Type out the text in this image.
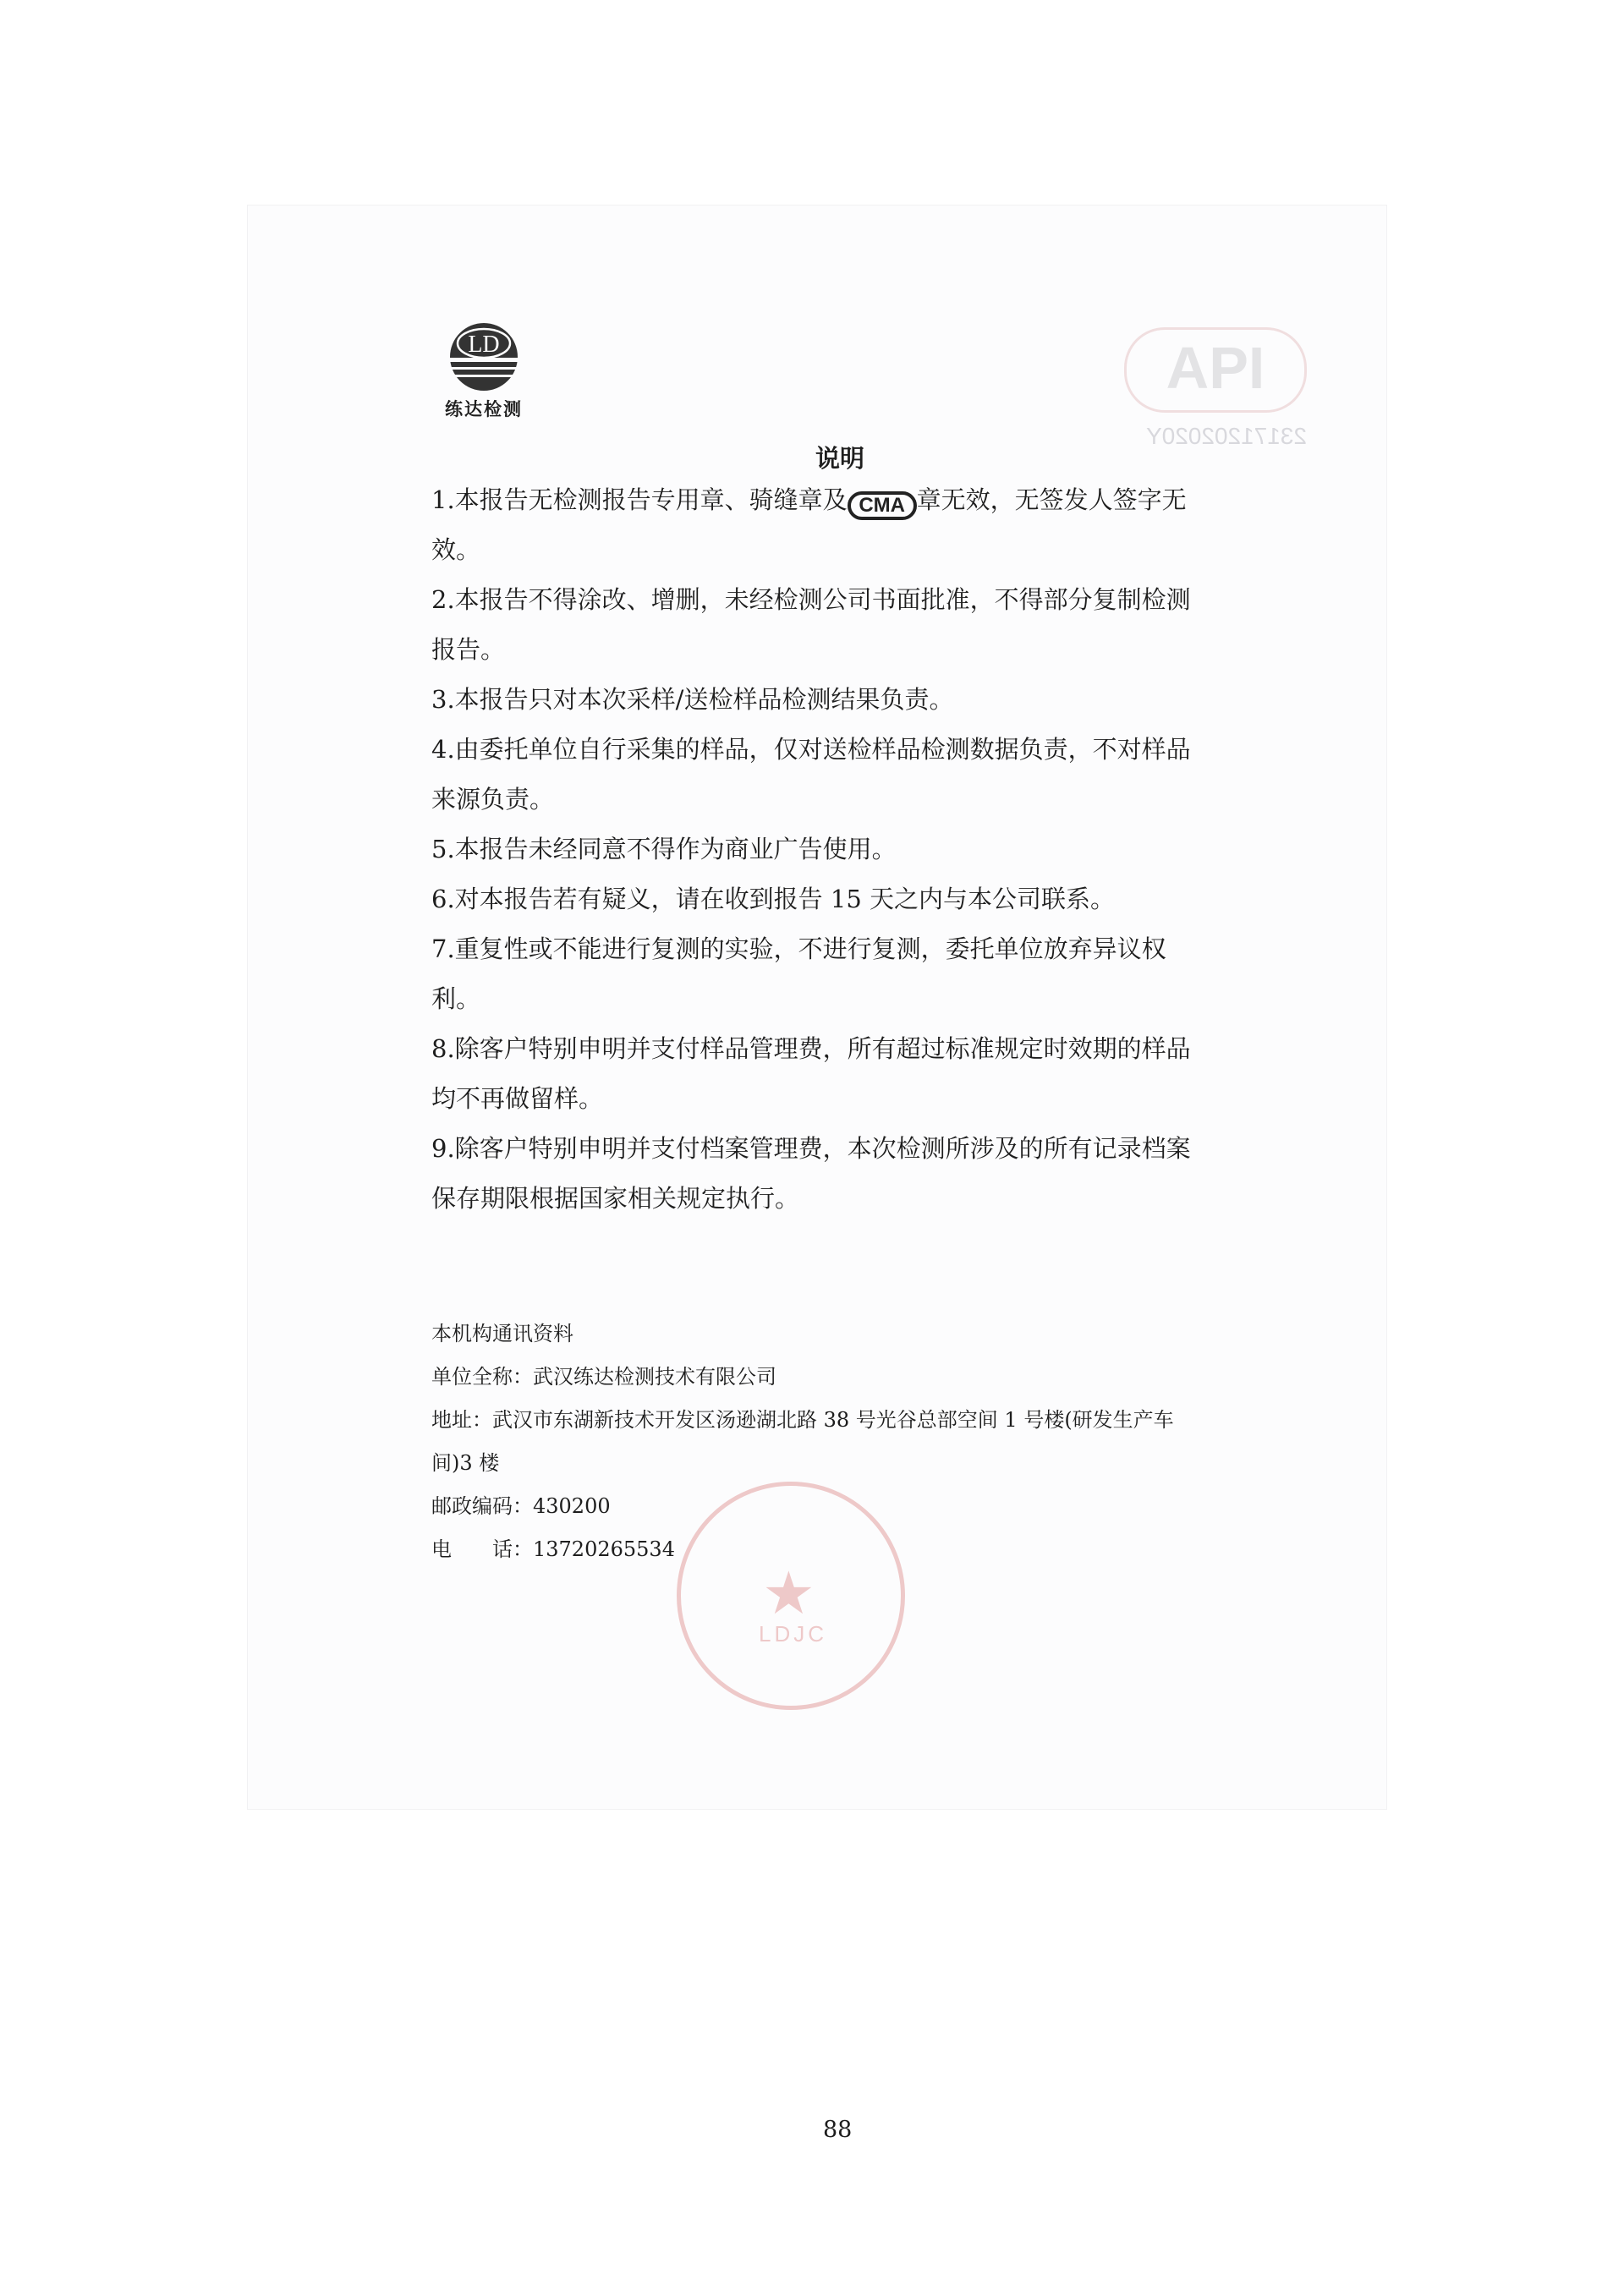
API
23171202020Y
★
LDJC
LD
练达检测
说明

1.本报告无检测报告专用章、骑缝章及 CMA 章无效，无签发人签字无效。

2.本报告不得涂改、增删，未经检测公司书面批准，不得部分复制检测报告。

3.本报告只对本次采样/送检样品检测结果负责。

4.由委托单位自行采集的样品，仅对送检样品检测数据负责，不对样品来源负责。

5.本报告未经同意不得作为商业广告使用。

6.对本报告若有疑义，请在收到报告 15 天之内与本公司联系。

7.重复性或不能进行复测的实验，不进行复测，委托单位放弃异议权利。

8.除客户特别申明并支付样品管理费，所有超过标准规定时效期的样品均不再做留样。

9.除客户特别申明并支付档案管理费，本次检测所涉及的所有记录档案保存期限根据国家相关规定执行。

本机构通讯资料

单位全称：武汉练达检测技术有限公司

地址：武汉市东湖新技术开发区汤逊湖北路 38 号光谷总部空间 1 号楼(研发生产车间)3 楼

邮政编码：430200

电　　话：13720265534

88
